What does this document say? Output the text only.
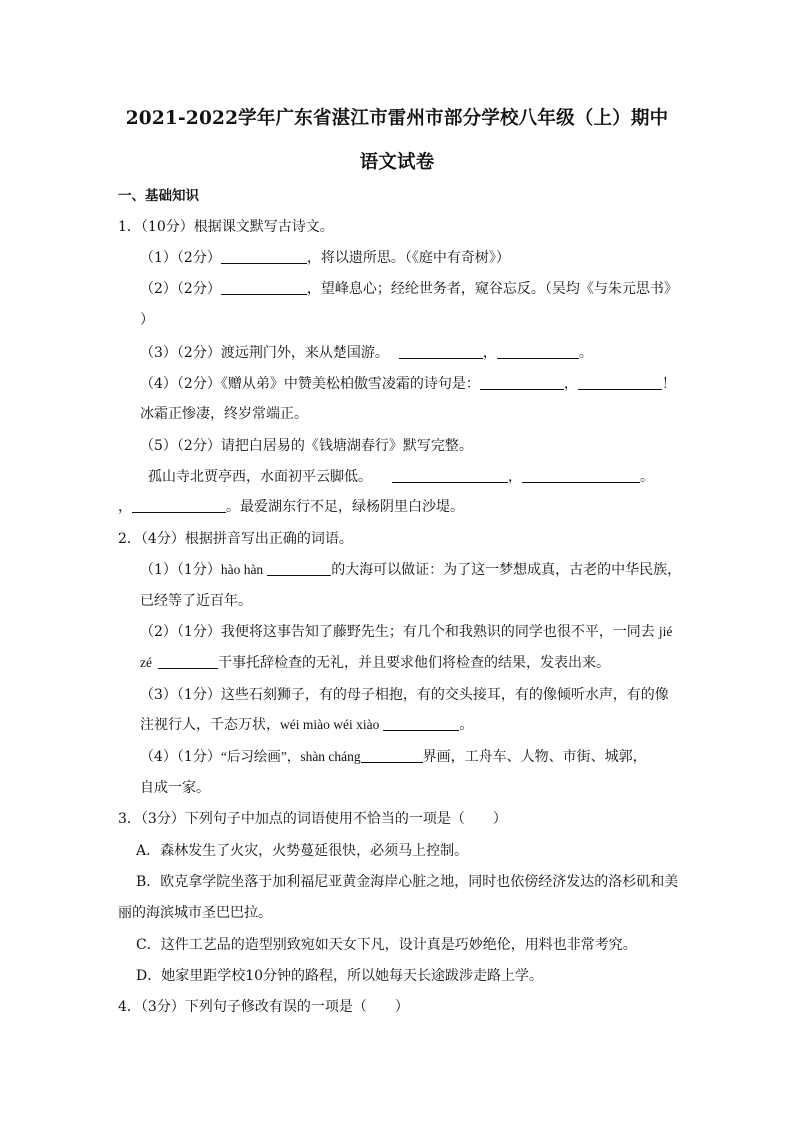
2021-2022学年广东省湛江市雷州市部分学校八年级（上）期中
语文试卷
一、基础知识
1．（10分）根据课文默写古诗文。
（1）（2分）	，将以遗所思。（《庭中有奇树》）
（2）（2分）	，望峰息心；经纶世务者，窥谷忘反。（吴均《与朱元思书》
）
（3）（2分）渡远荆门外，来从楚国游。	，	。
（4）（2分）《赠从弟》中赞美松柏傲雪凌霜的诗句是：	，	！
冰霜正惨凄，终岁常端正。
（5）（2分）请把白居易的《钱塘湖春行》默写完整。
孤山寺北贾亭西，水面初平云脚低。	，	。
，	。最爱湖东行不足，绿杨阴里白沙堤。
2．（4分）根据拼音写出正确的词语。
（1）（1分）hào hàn	的大海可以做证：为了这一梦想成真，古老的中华民族，
已经等了近百年。
（2）（1分）我便将这事告知了藤野先生；有几个和我熟识的同学也很不平，一同去 jié
zé	干事托辞检查的无礼，并且要求他们将检查的结果，发表出来。
（3）（1分）这些石刻狮子，有的母子相抱，有的交头接耳，有的像倾听水声，有的像
注视行人，千态万状，wéi miào wéi xiào	。
（4）（1分）“后习绘画”，shàn cháng	界画，工舟车、人物、市街、城郭，
自成一家。
3．（3分）下列句子中加点的词语使用不恰当的一项是（　　）
A．森林发生了火灾，火势蔓延很快，必须马上控制。
B．欧克拿学院坐落于加利福尼亚黄金海岸心脏之地，同时也依傍经济发达的洛杉矶和美
丽的海滨城市圣巴巴拉。
C．这件工艺品的造型别致宛如天女下凡，设计真是巧妙绝伦，用料也非常考究。
D．她家里距学校10分钟的路程，所以她每天长途跋涉走路上学。
4．（3分）下列句子修改有误的一项是（　　）
